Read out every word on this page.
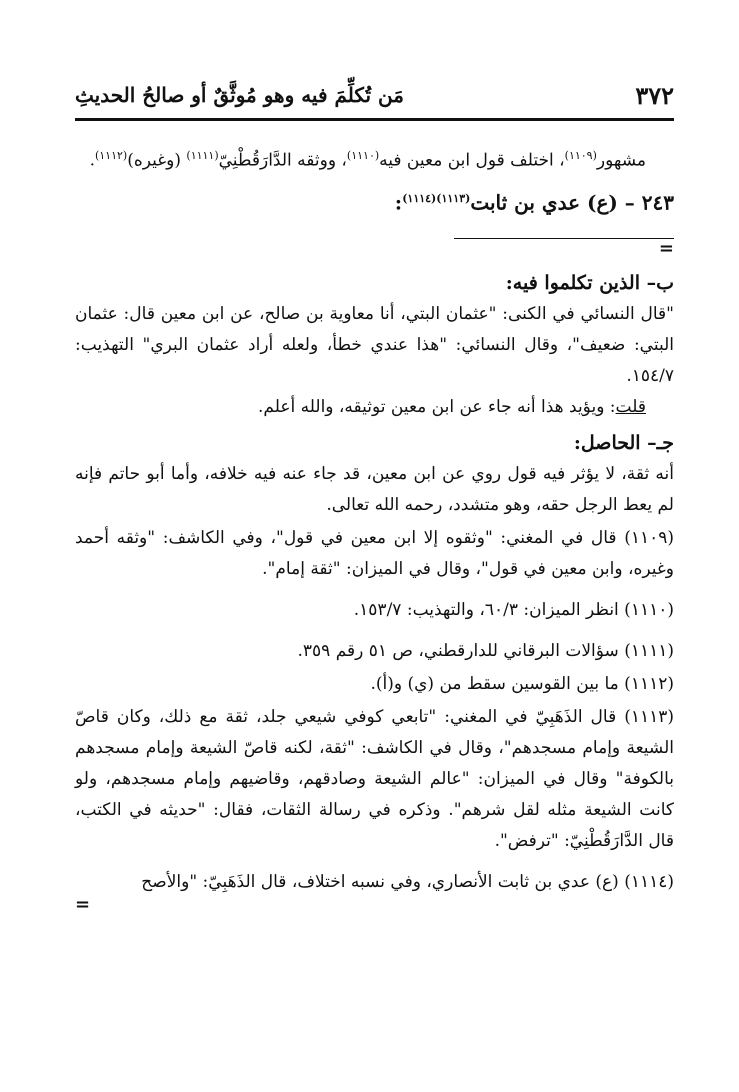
٣٧٢
مَن تُكلِّمَ فيه وهو مُوثَّقٌ أو صالحُ الحديثِ

مشهور$^{(١١٠٩)}$، اختلف قول ابن معين فيه$^{(١١١٠)}$، ووثقه الدَّارَقُطْنِيّ$^{(١١١١)}$ (وغيره)$^{(١١١٢)}$.

٢٤٣ – (ع) عدي بن ثابت$^{(١١١٣)(١١١٤)}$:

=

ب– الذين تكلموا فيه:

"قال النسائي في الكنى: "عثمان البتي، أنا معاوية بن صالح، عن ابن معين قال: عثمان البتي: ضعيف"، وقال النسائي: "هذا عندي خطأ، ولعله أراد عثمان البري" التهذيب: ١٥٤/٧.

قلت: ويؤيد هذا أنه جاء عن ابن معين توثيقه، والله أعلم.

جـ– الحاصل:

أنه ثقة، لا يؤثر فيه قول روي عن ابن معين، قد جاء عنه فيه خلافه، وأما أبو حاتم فإنه لم يعط الرجل حقه، وهو متشدد، رحمه الله تعالى.

(١١٠٩) قال في المغني: "وثقوه إلا ابن معين في قول"، وفي الكاشف: "وثقه أحمد وغيره، وابن معين في قول"، وقال في الميزان: "ثقة إمام".

(١١١٠) انظر الميزان: ٦٠/٣، والتهذيب: ١٥٣/٧.

(١١١١) سؤالات البرقاني للدارقطني، ص ٥١ رقم ٣٥٩.

(١١١٢) ما بين القوسين سقط من (ي) و(أ).

(١١١٣) قال الذَهَبِيّ في المغني: "تابعي كوفي شيعي جلد، ثقة مع ذلك، وكان قاصّ الشيعة وإمام مسجدهم"، وقال في الكاشف: "ثقة، لكنه قاصّ الشيعة وإمام مسجدهم بالكوفة" وقال في الميزان: "عالم الشيعة وصادقهم، وقاضيهم وإمام مسجدهم، ولو كانت الشيعة مثله لقل شرهم". وذكره في رسالة الثقات، فقال: "حديثه في الكتب، قال الدَّارَقُطْنِيّ: "ترفض".

(١١١٤) (ع) عدي بن ثابت الأنصاري، وفي نسبه اختلاف، قال الذَهَبِيّ: "والأصح

=
